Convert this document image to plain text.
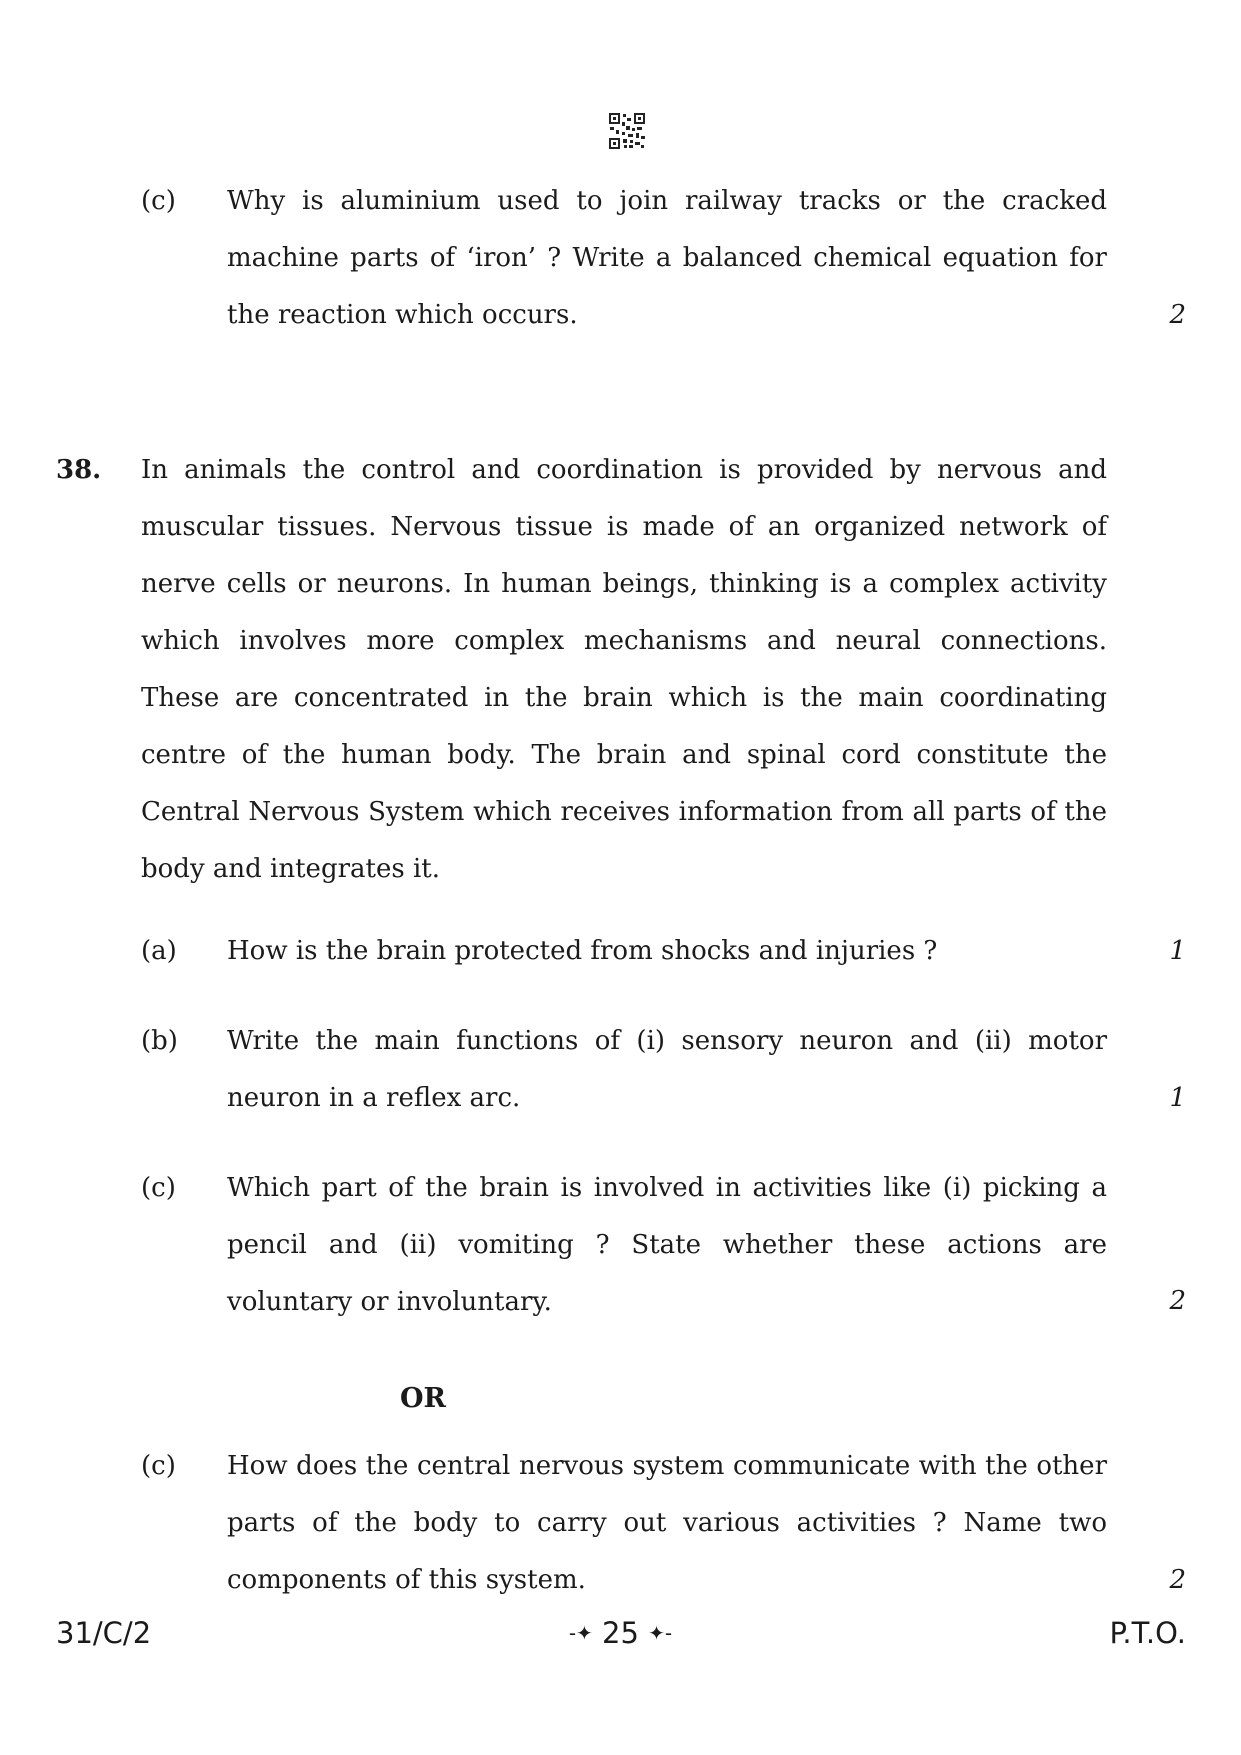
(c) Why is aluminium used to join railway tracks or the cracked machine parts of ‘iron’ ? Write a balanced chemical equation for the reaction which occurs.	2
38. In animals the control and coordination is provided by nervous and muscular tissues. Nervous tissue is made of an organized network of nerve cells or neurons. In human beings, thinking is a complex activity which involves more complex mechanisms and neural connections. These are concentrated in the brain which is the main coordinating centre of the human body. The brain and spinal cord constitute the Central Nervous System which receives information from all parts of the body and integrates it.
(a) How is the brain protected from shocks and injuries ?	1
(b) Write the main functions of (i) sensory neuron and (ii) motor neuron in a reflex arc.	1
(c) Which part of the brain is involved in activities like (i) picking a pencil and (ii) vomiting ? State whether these actions are voluntary or involuntary.	2
OR
(c) How does the central nervous system communicate with the other parts of the body to carry out various activities ? Name two components of this system.	2
31/C/2	-✦ 25 ✦-	P.T.O.
